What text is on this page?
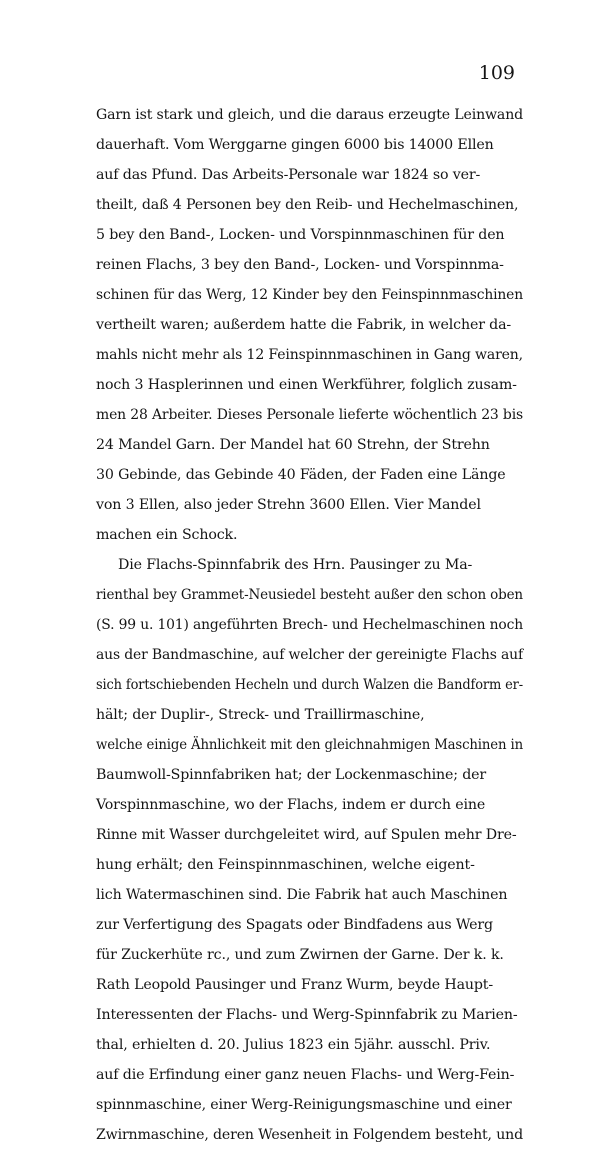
109
Garn ist stark und gleich, und die daraus erzeugte Leinwand
dauerhaft. Vom Werggarne gingen 6000 bis 14000 Ellen
auf das Pfund. Das Arbeits-Personale war 1824 so ver-
theilt, daß 4 Personen bey den Reib- und Hechelmaschinen,
5 bey den Band-, Locken- und Vorspinnmaschinen für den
reinen Flachs, 3 bey den Band-, Locken- und Vorspinnma-
schinen für das Werg, 12 Kinder bey den Feinspinnmaschinen
vertheilt waren; außerdem hatte die Fabrik, in welcher da-
mahls nicht mehr als 12 Feinspinnmaschinen in Gang waren,
noch 3 Hasplerinnen und einen Werkführer, folglich zusam-
men 28 Arbeiter. Dieses Personale lieferte wöchentlich 23 bis
24 Mandel Garn. Der Mandel hat 60 Strehn, der Strehn
30 Gebinde, das Gebinde 40 Fäden, der Faden eine Länge
von 3 Ellen, also jeder Strehn 3600 Ellen. Vier Mandel
machen ein Schock.
Die Flachs-Spinnfabrik des Hrn. Pausinger zu Ma-
rienthal bey Grammet-Neusiedel besteht außer den schon oben
(S. 99 u. 101) angeführten Brech- und Hechelmaschinen noch
aus der Bandmaschine, auf welcher der gereinigte Flachs auf
sich fortschiebenden Hecheln und durch Walzen die Bandform er-
hält; der Duplir-, Streck- und Traillirmaschine,
welche einige Ähnlichkeit mit den gleichnahmigen Maschinen in
Baumwoll-Spinnfabriken hat; der Lockenmaschine; der
Vorspinnmaschine, wo der Flachs, indem er durch eine
Rinne mit Wasser durchgeleitet wird, auf Spulen mehr Dre-
hung erhält; den Feinspinnmaschinen, welche eigent-
lich Watermaschinen sind. Die Fabrik hat auch Maschinen
zur Verfertigung des Spagats oder Bindfadens aus Werg
für Zuckerhüte rc., und zum Zwirnen der Garne. Der k. k.
Rath Leopold Pausinger und Franz Wurm, beyde Haupt-
Interessenten der Flachs- und Werg-Spinnfabrik zu Marien-
thal, erhielten d. 20. Julius 1823 ein 5jähr. ausschl. Priv.
auf die Erfindung einer ganz neuen Flachs- und Werg-Fein-
spinnmaschine, einer Werg-Reinigungsmaschine und einer
Zwirnmaschine, deren Wesenheit in Folgendem besteht, und
